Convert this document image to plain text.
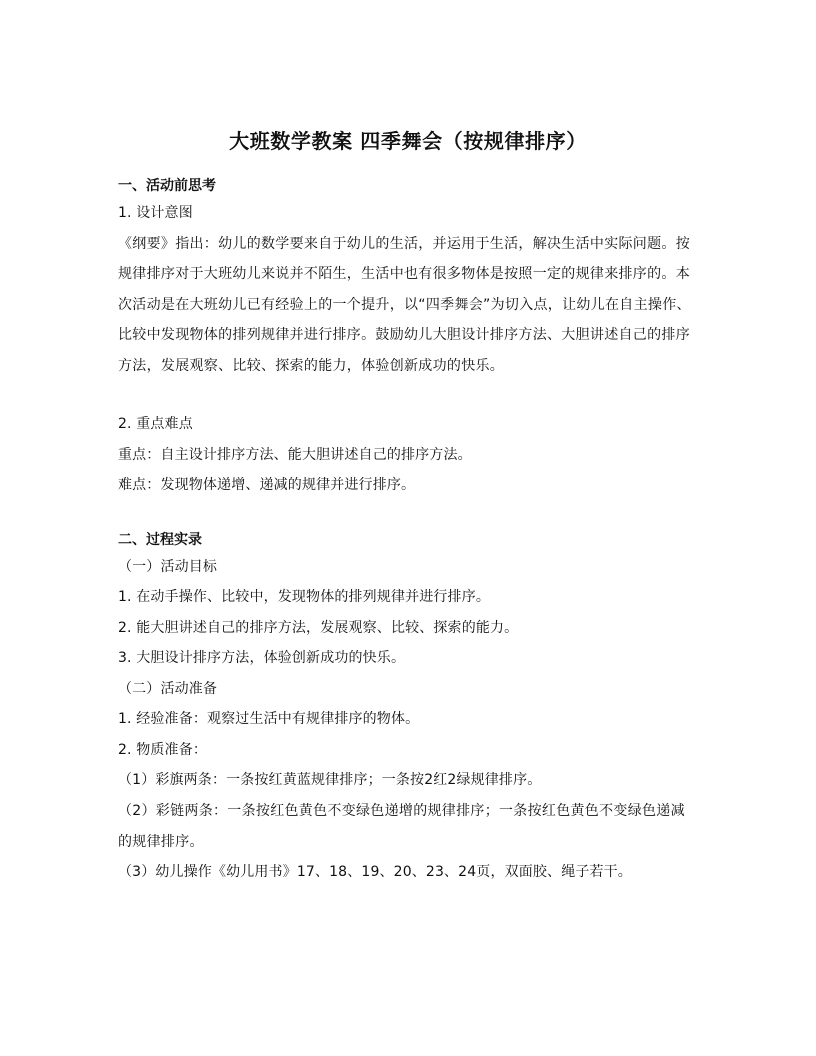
大班数学教案 四季舞会（按规律排序）
一、活动前思考

1. 设计意图

《纲要》指出：幼儿的数学要来自于幼儿的生活，并运用于生活，解决生活中实际问题。按规律排序对于大班幼儿来说并不陌生，生活中也有很多物体是按照一定的规律来排序的。本次活动是在大班幼儿已有经验上的一个提升，以“四季舞会”为切入点，让幼儿在自主操作、比较中发现物体的排列规律并进行排序。鼓励幼儿大胆设计排序方法、大胆讲述自己的排序方法，发展观察、比较、探索的能力，体验创新成功的快乐。

2. 重点难点

重点：自主设计排序方法、能大胆讲述自己的排序方法。

难点：发现物体递增、递减的规律并进行排序。

二、过程实录

（一）活动目标

1. 在动手操作、比较中，发现物体的排列规律并进行排序。

2. 能大胆讲述自己的排序方法，发展观察、比较、探索的能力。

3. 大胆设计排序方法，体验创新成功的快乐。

（二）活动准备

1. 经验准备：观察过生活中有规律排序的物体。

2. 物质准备：

（1）彩旗两条：一条按红黄蓝规律排序；一条按2红2绿规律排序。

（2）彩链两条：一条按红色黄色不变绿色递增的规律排序；一条按红色黄色不变绿色递减的规律排序。

（3）幼儿操作《幼儿用书》17、18、19、20、23、24页，双面胶、绳子若干。
